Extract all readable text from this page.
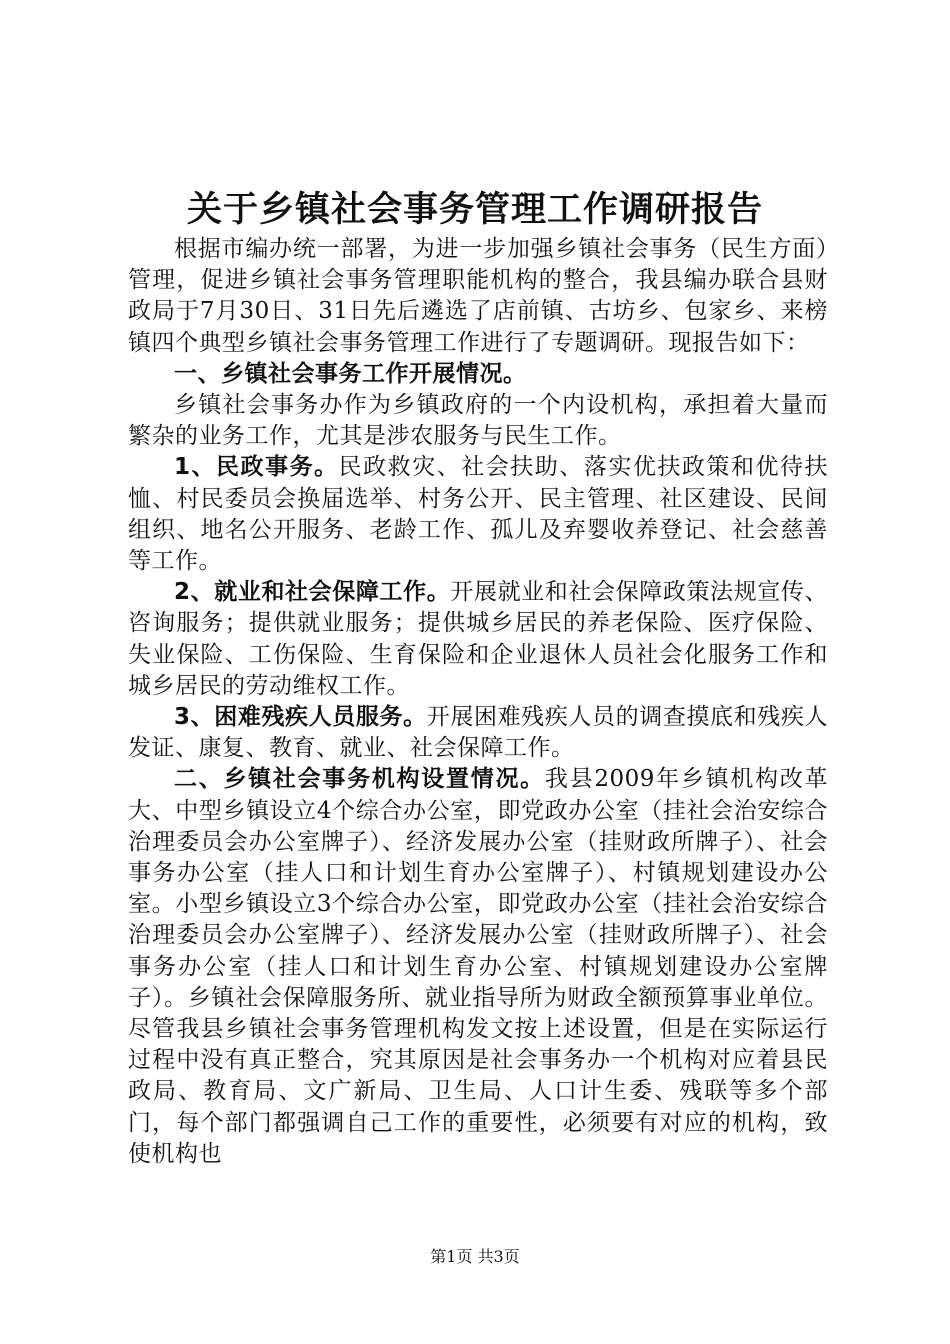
关于乡镇社会事务管理工作调研报告

根据市编办统一部署，为进一步加强乡镇社会事务（民生方面）管理，促进乡镇社会事务管理职能机构的整合，我县编办联合县财政局于7月30日、31日先后遴选了店前镇、古坊乡、包家乡、来榜镇四个典型乡镇社会事务管理工作进行了专题调研。现报告如下：

一、乡镇社会事务工作开展情况。

乡镇社会事务办作为乡镇政府的一个内设机构，承担着大量而繁杂的业务工作，尤其是涉农服务与民生工作。

1、民政事务。民政救灾、社会扶助、落实优扶政策和优待扶恤、村民委员会换届选举、村务公开、民主管理、社区建设、民间组织、地名公开服务、老龄工作、孤儿及弃婴收养登记、社会慈善等工作。

2、就业和社会保障工作。开展就业和社会保障政策法规宣传、咨询服务；提供就业服务；提供城乡居民的养老保险、医疗保险、失业保险、工伤保险、生育保险和企业退休人员社会化服务工作和城乡居民的劳动维权工作。

3、困难残疾人员服务。开展困难残疾人员的调查摸底和残疾人发证、康复、教育、就业、社会保障工作。

二、乡镇社会事务机构设置情况。我县2009年乡镇机构改革大、中型乡镇设立4个综合办公室，即党政办公室（挂社会治安综合治理委员会办公室牌子）、经济发展办公室（挂财政所牌子）、社会事务办公室（挂人口和计划生育办公室牌子）、村镇规划建设办公室。小型乡镇设立3个综合办公室，即党政办公室（挂社会治安综合治理委员会办公室牌子）、经济发展办公室（挂财政所牌子）、社会事务办公室（挂人口和计划生育办公室、村镇规划建设办公室牌子）。乡镇社会保障服务所、就业指导所为财政全额预算事业单位。尽管我县乡镇社会事务管理机构发文按上述设置，但是在实际运行过程中没有真正整合，究其原因是社会事务办一个机构对应着县民政局、教育局、文广新局、卫生局、人口计生委、残联等多个部门，每个部门都强调自己工作的重要性，必须要有对应的机构，致使机构也

第1页 共3页
